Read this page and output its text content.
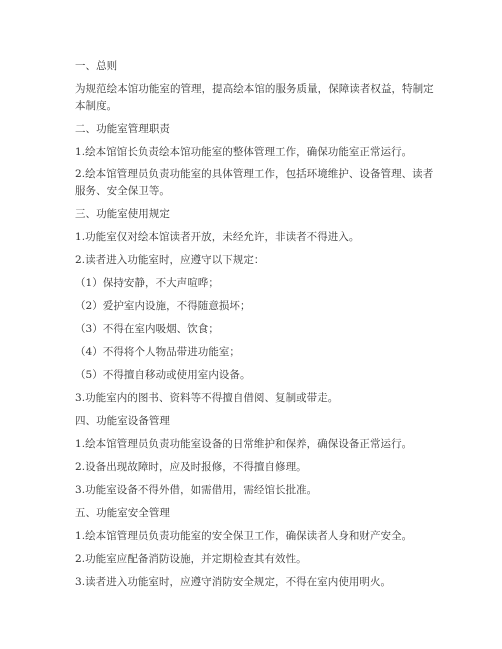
一、总则
为规范绘本馆功能室的管理，提高绘本馆的服务质量，保障读者权益，特制定本制度。
二、功能室管理职责
1.绘本馆馆长负责绘本馆功能室的整体管理工作，确保功能室正常运行。
2.绘本馆管理员负责功能室的具体管理工作，包括环境维护、设备管理、读者服务、安全保卫等。
三、功能室使用规定
1.功能室仅对绘本馆读者开放，未经允许，非读者不得进入。
2.读者进入功能室时，应遵守以下规定：
（1）保持安静，不大声喧哗；
（2）爱护室内设施，不得随意损坏；
（3）不得在室内吸烟、饮食；
（4）不得将个人物品带进功能室；
（5）不得擅自移动或使用室内设备。
3.功能室内的图书、资料等不得擅自借阅、复制或带走。
四、功能室设备管理
1.绘本馆管理员负责功能室设备的日常维护和保养，确保设备正常运行。
2.设备出现故障时，应及时报修，不得擅自修理。
3.功能室设备不得外借，如需借用，需经馆长批准。
五、功能室安全管理
1.绘本馆管理员负责功能室的安全保卫工作，确保读者人身和财产安全。
2.功能室应配备消防设施，并定期检查其有效性。
3.读者进入功能室时，应遵守消防安全规定，不得在室内使用明火。
